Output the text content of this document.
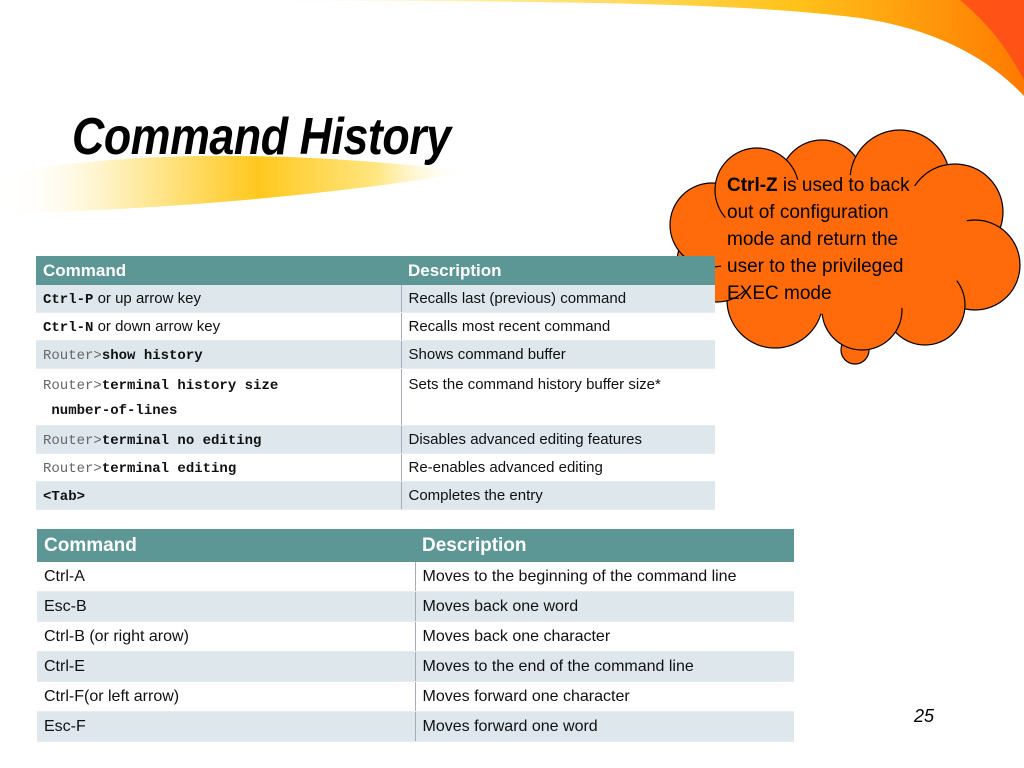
Command History
Command	Description
Ctrl-P or up arrow key	Recalls last (previous) command
Ctrl-N or down arrow key	Recalls most recent command
Router>show history	Shows command buffer
Router>terminal history size
number-of-lines	Sets the command history buffer size*
Router>terminal no editing	Disables advanced editing features
Router>terminal editing	Re-enables advanced editing
<Tab>	Completes the entry
Command	Description
Ctrl-A	Moves to the beginning of the command line
Esc-B	Moves back one word
Ctrl-B (or right arow)	Moves back one character
Ctrl-E	Moves to the end of the command line
Ctrl-F(or left arrow)	Moves forward one character
Esc-F	Moves forward one word
Ctrl-Z is used to back out of configuration mode and return the user to the privileged EXEC mode
25
